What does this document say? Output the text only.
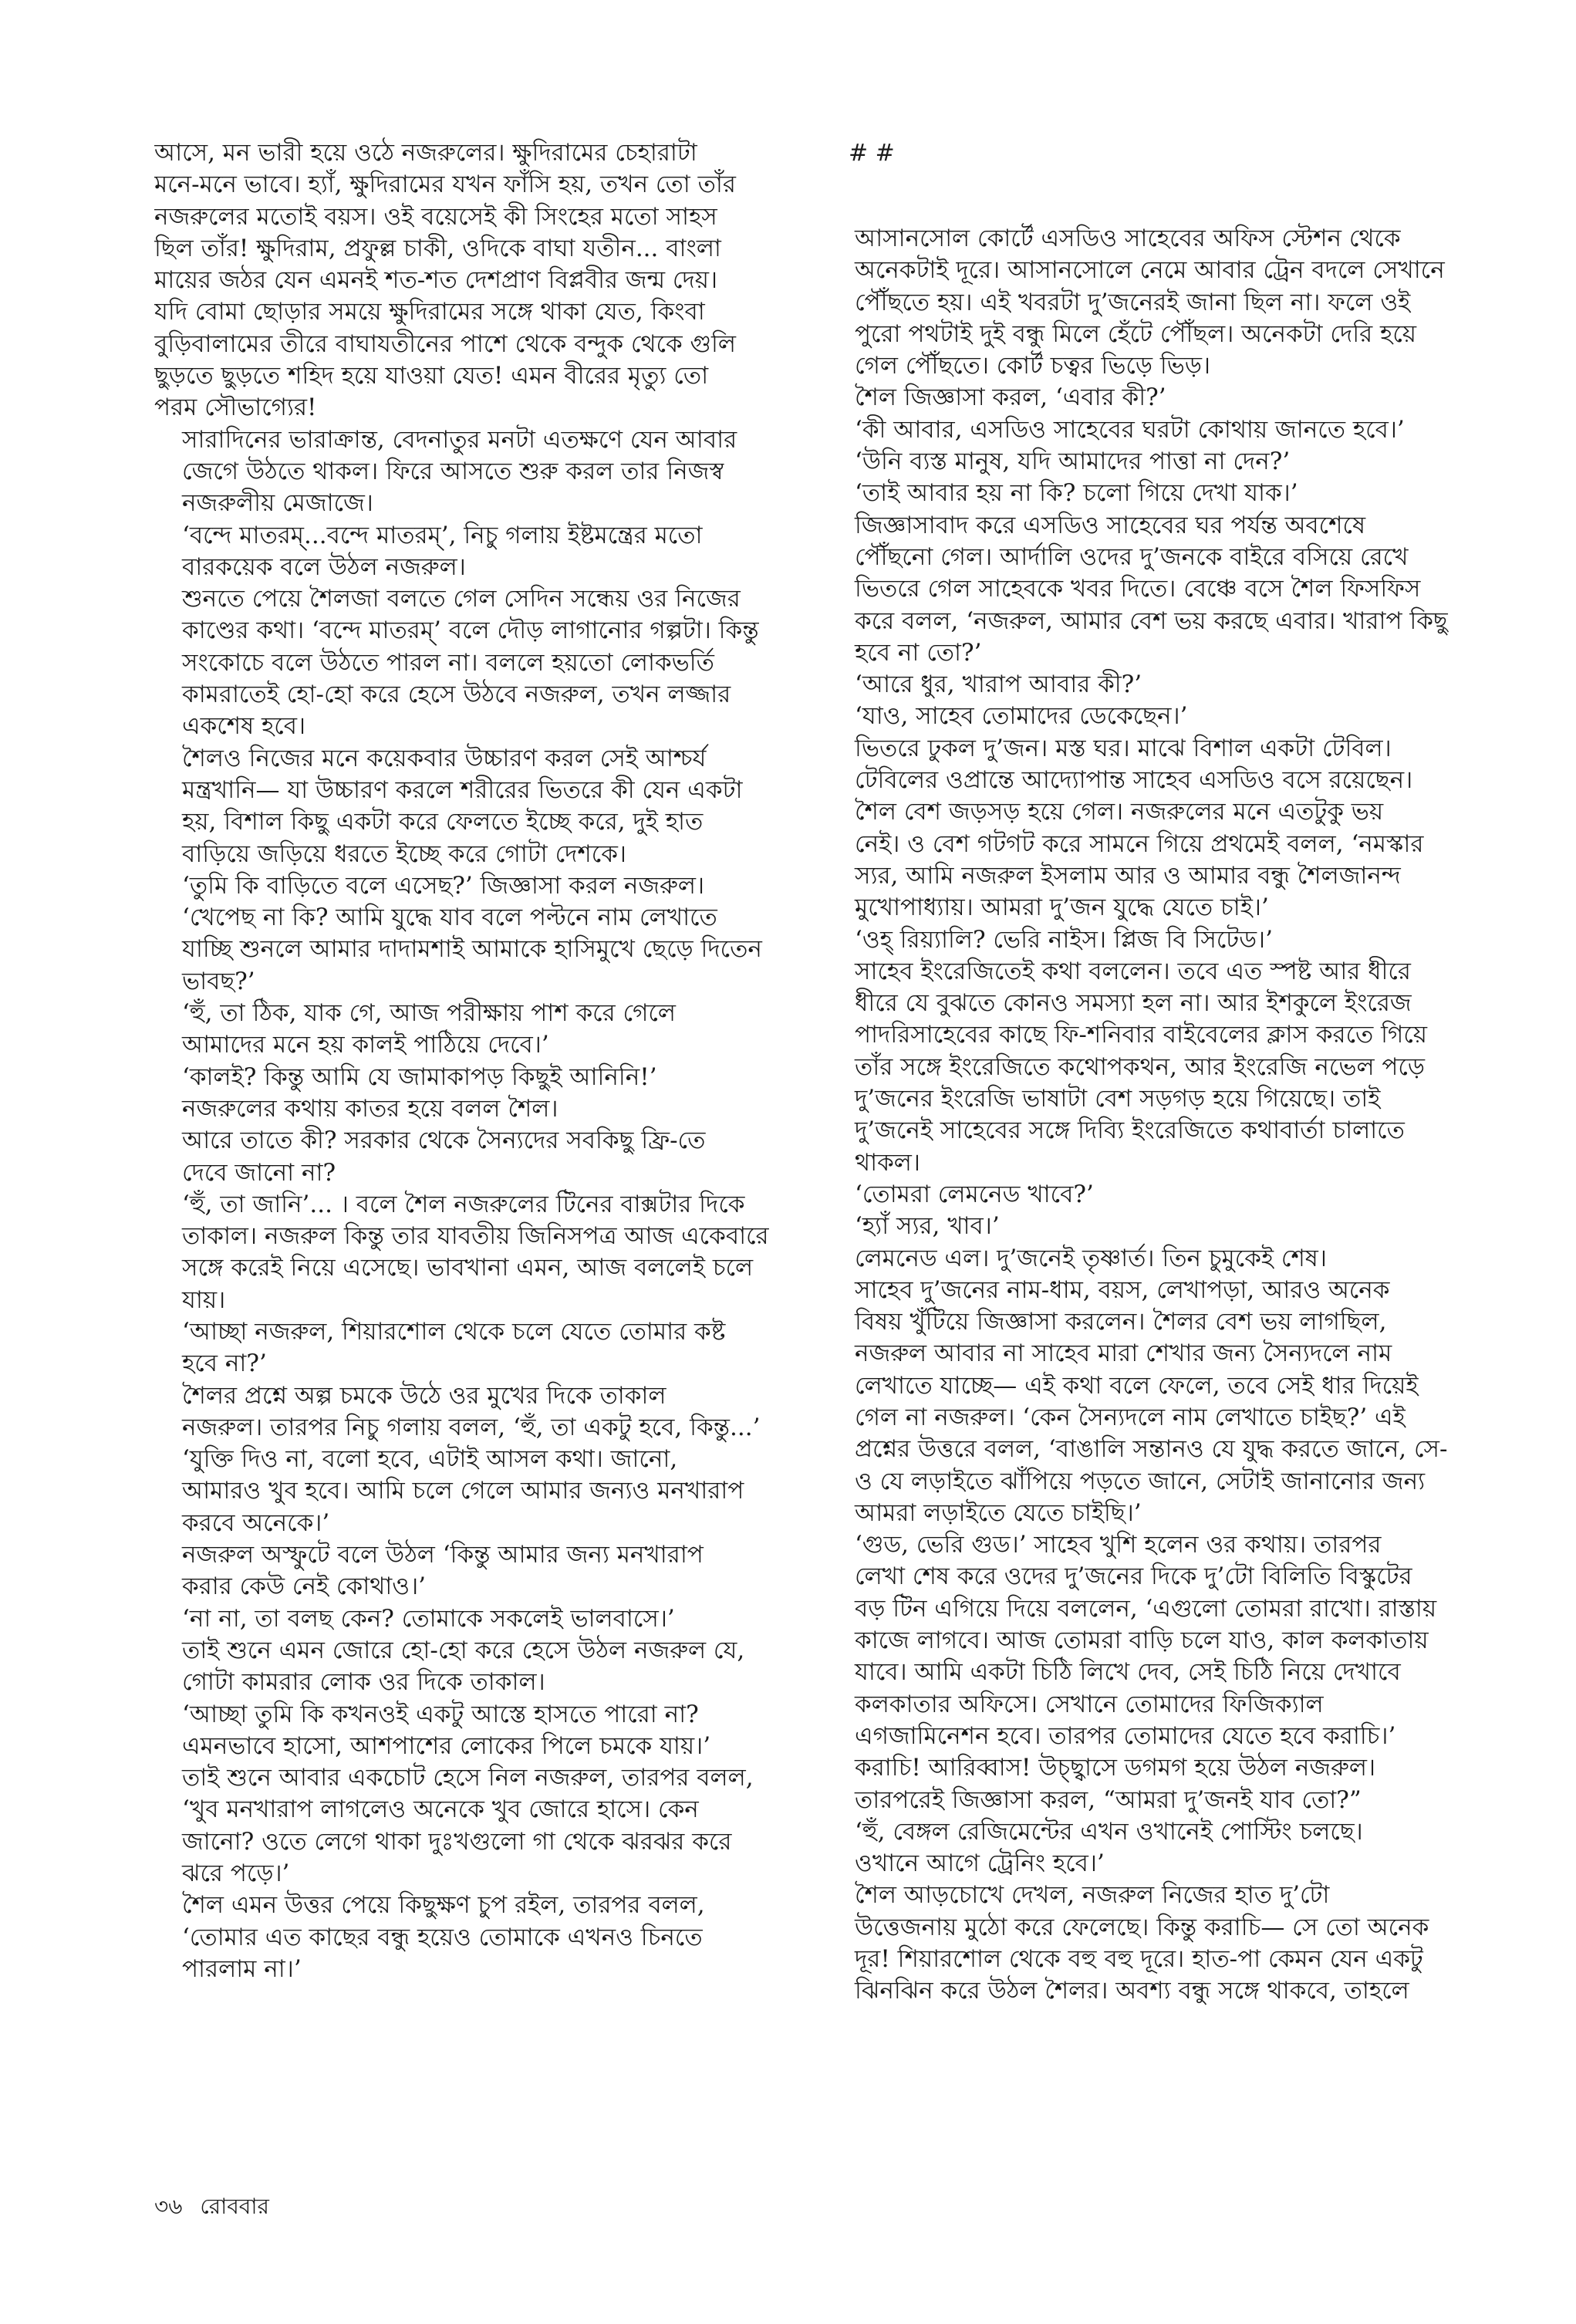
আসে, মন ভারী হয়ে ওঠে নজরুলের। ক্ষুদিরামের চেহারাটা
মনে-মনে ভাবে। হ্যাঁ, ক্ষুদিরামের যখন ফাঁসি হয়, তখন তো তাঁর
নজরুলের মতোই বয়স। ওই বয়েসেই কী সিংহের মতো সাহস
ছিল তাঁর! ক্ষুদিরাম, প্রফুল্ল চাকী, ওদিকে বাঘা যতীন... বাংলা
মায়ের জঠর যেন এমনই শত-শত দেশপ্রাণ বিপ্লবীর জন্ম দেয়।
যদি বোমা ছোড়ার সময়ে ক্ষুদিরামের সঙ্গে থাকা যেত, কিংবা
বুড়িবালামের তীরে বাঘাযতীনের পাশে থেকে বন্দুক থেকে গুলি
ছুড়তে ছুড়তে শহিদ হয়ে যাওয়া যেত! এমন বীরের মৃত্যু তো
পরম সৌভাগ্যের!
সারাদিনের ভারাক্রান্ত, বেদনাতুর মনটা এতক্ষণে যেন আবার
জেগে উঠতে থাকল। ফিরে আসতে শুরু করল তার নিজস্ব
নজরুলীয় মেজাজে।
‘বন্দে মাতরম্...বন্দে মাতরম্’, নিচু গলায় ইষ্টমন্ত্রের মতো
বারকয়েক বলে উঠল নজরুল।
শুনতে পেয়ে শৈলজা বলতে গেল সেদিন সন্ধেয় ওর নিজের
কাণ্ডের কথা। ‘বন্দে মাতরম্’ বলে দৌড় লাগানোর গল্পটা। কিন্তু
সংকোচে বলে উঠতে পারল না। বললে হয়তো লোকভর্তি
কামরাতেই হো-হো করে হেসে উঠবে নজরুল, তখন লজ্জার
একশেষ হবে।
শৈলও নিজের মনে কয়েকবার উচ্চারণ করল সেই আশ্চর্য
মন্ত্রখানি— যা উচ্চারণ করলে শরীরের ভিতরে কী যেন একটা
হয়, বিশাল কিছু একটা করে ফেলতে ইচ্ছে করে, দুই হাত
বাড়িয়ে জড়িয়ে ধরতে ইচ্ছে করে গোটা দেশকে।
‘তুমি কি বাড়িতে বলে এসেছ?’ জিজ্ঞাসা করল নজরুল।
‘খেপেছ না কি? আমি যুদ্ধে যাব বলে পল্টনে নাম লেখাতে
যাচ্ছি শুনলে আমার দাদামশাই আমাকে হাসিমুখে ছেড়ে দিতেন
ভাবছ?’
‘হুঁ, তা ঠিক, যাক গে, আজ পরীক্ষায় পাশ করে গেলে
আমাদের মনে হয় কালই পাঠিয়ে দেবে।’
‘কালই? কিন্তু আমি যে জামাকাপড় কিছুই আনিনি!’
নজরুলের কথায় কাতর হয়ে বলল শৈল।
আরে তাতে কী? সরকার থেকে সৈন্যদের সবকিছু ফ্রি-তে
দেবে জানো না?
‘হুঁ, তা জানি’... । বলে শৈল নজরুলের টিনের বাক্সটার দিকে
তাকাল। নজরুল কিন্তু তার যাবতীয় জিনিসপত্র আজ একেবারে
সঙ্গে করেই নিয়ে এসেছে। ভাবখানা এমন, আজ বললেই চলে
যায়।
‘আচ্ছা নজরুল, শিয়ারশোল থেকে চলে যেতে তোমার কষ্ট
হবে না?’
শৈলর প্রশ্নে অল্প চমকে উঠে ওর মুখের দিকে তাকাল
নজরুল। তারপর নিচু গলায় বলল, ‘হুঁ, তা একটু হবে, কিন্তু...’
‘যুক্তি দিও না, বলো হবে, এটাই আসল কথা। জানো,
আমারও খুব হবে। আমি চলে গেলে আমার জন্যও মনখারাপ
করবে অনেকে।’
নজরুল অস্ফুটে বলে উঠল ‘কিন্তু আমার জন্য মনখারাপ
করার কেউ নেই কোথাও।’
‘না না, তা বলছ কেন? তোমাকে সকলেই ভালবাসে।’
তাই শুনে এমন জোরে হো-হো করে হেসে উঠল নজরুল যে,
গোটা কামরার লোক ওর দিকে তাকাল।
‘আচ্ছা তুমি কি কখনওই একটু আস্তে হাসতে পারো না?
এমনভাবে হাসো, আশপাশের লোকের পিলে চমকে যায়।’
তাই শুনে আবার একচোট হেসে নিল নজরুল, তারপর বলল,
‘খুব মনখারাপ লাগলেও অনেকে খুব জোরে হাসে। কেন
জানো? ওতে লেগে থাকা দুঃখগুলো গা থেকে ঝরঝর করে
ঝরে পড়ে।’
শৈল এমন উত্তর পেয়ে কিছুক্ষণ চুপ রইল, তারপর বলল,
‘তোমার এত কাছের বন্ধু হয়েও তোমাকে এখনও চিনতে
পারলাম না।’
# #
আসানসোল কোর্টে এসডিও সাহেবের অফিস স্টেশন থেকে
অনেকটাই দূরে। আসানসোলে নেমে আবার ট্রেন বদলে সেখানে
পৌঁছতে হয়। এই খবরটা দু’জনেরই জানা ছিল না। ফলে ওই
পুরো পথটাই দুই বন্ধু মিলে হেঁটে পৌঁছল। অনেকটা দেরি হয়ে
গেল পৌঁছতে। কোর্ট চত্বর ভিড়ে ভিড়।
শৈল জিজ্ঞাসা করল, ‘এবার কী?’
‘কী আবার, এসডিও সাহেবের ঘরটা কোথায় জানতে হবে।’
‘উনি ব্যস্ত মানুষ, যদি আমাদের পাত্তা না দেন?’
‘তাই আবার হয় না কি? চলো গিয়ে দেখা যাক।’
জিজ্ঞাসাবাদ করে এসডিও সাহেবের ঘর পর্যন্ত অবশেষে
পৌঁছনো গেল। আর্দালি ওদের দু’জনকে বাইরে বসিয়ে রেখে
ভিতরে গেল সাহেবকে খবর দিতে। বেঞ্চে বসে শৈল ফিসফিস
করে বলল, ‘নজরুল, আমার বেশ ভয় করছে এবার। খারাপ কিছু
হবে না তো?’
‘আরে ধুর, খারাপ আবার কী?’
‘যাও, সাহেব তোমাদের ডেকেছেন।’
ভিতরে ঢুকল দু’জন। মস্ত ঘর। মাঝে বিশাল একটা টেবিল।
টেবিলের ওপ্রান্তে আদ্যোপান্ত সাহেব এসডিও বসে রয়েছেন।
শৈল বেশ জড়সড় হয়ে গেল। নজরুলের মনে এতটুকু ভয়
নেই। ও বেশ গটগট করে সামনে গিয়ে প্রথমেই বলল, ‘নমস্কার
স্যর, আমি নজরুল ইসলাম আর ও আমার বন্ধু শৈলজানন্দ
মুখোপাধ্যায়। আমরা দু’জন যুদ্ধে যেতে চাই।’
‘ওহ্ রিয়্যালি? ভেরি নাইস। প্লিজ বি সিটেড।’
সাহেব ইংরেজিতেই কথা বললেন। তবে এত স্পষ্ট আর ধীরে
ধীরে যে বুঝতে কোনও সমস্যা হল না। আর ইশকুলে ইংরেজ
পাদরিসাহেবের কাছে ফি-শনিবার বাইবেলের ক্লাস করতে গিয়ে
তাঁর সঙ্গে ইংরেজিতে কথোপকথন, আর ইংরেজি নভেল পড়ে
দু’জনের ইংরেজি ভাষাটা বেশ সড়গড় হয়ে গিয়েছে। তাই
দু’জনেই সাহেবের সঙ্গে দিব্যি ইংরেজিতে কথাবার্তা চালাতে
থাকল।
‘তোমরা লেমনেড খাবে?’
‘হ্যাঁ স্যর, খাব।’
লেমনেড এল। দু’জনেই তৃষ্ণার্ত। তিন চুমুকেই শেষ।
সাহেব দু’জনের নাম-ধাম, বয়স, লেখাপড়া, আরও অনেক
বিষয় খুঁটিয়ে জিজ্ঞাসা করলেন। শৈলর বেশ ভয় লাগছিল,
নজরুল আবার না সাহেব মারা শেখার জন্য সৈন্যদলে নাম
লেখাতে যাচ্ছে— এই কথা বলে ফেলে, তবে সেই ধার দিয়েই
গেল না নজরুল। ‘কেন সৈন্যদলে নাম লেখাতে চাইছ?’ এই
প্রশ্নের উত্তরে বলল, ‘বাঙালি সন্তানও যে যুদ্ধ করতে জানে, সে-
ও যে লড়াইতে ঝাঁপিয়ে পড়তে জানে, সেটাই জানানোর জন্য
আমরা লড়াইতে যেতে চাইছি।’
‘গুড, ভেরি গুড।’ সাহেব খুশি হলেন ওর কথায়। তারপর
লেখা শেষ করে ওদের দু’জনের দিকে দু’টো বিলিতি বিস্কুটের
বড় টিন এগিয়ে দিয়ে বললেন, ‘এগুলো তোমরা রাখো। রাস্তায়
কাজে লাগবে। আজ তোমরা বাড়ি চলে যাও, কাল কলকাতায়
যাবে। আমি একটা চিঠি লিখে দেব, সেই চিঠি নিয়ে দেখাবে
কলকাতার অফিসে। সেখানে তোমাদের ফিজিক্যাল
এগজামিনেশন হবে। তারপর তোমাদের যেতে হবে করাচি।’
করাচি! আরিব্বাস! উচ্ছ্বাসে ডগমগ হয়ে উঠল নজরুল।
তারপরেই জিজ্ঞাসা করল, “আমরা দু’জনই যাব তো?”
‘হুঁ, বেঙ্গল রেজিমেন্টের এখন ওখানেই পোস্টিং চলছে।
ওখানে আগে ট্রেনিং হবে।’
শৈল আড়চোখে দেখল, নজরুল নিজের হাত দু’টো
উত্তেজনায় মুঠো করে ফেলেছে। কিন্তু করাচি— সে তো অনেক
দূর! শিয়ারশোল থেকে বহু বহু দূরে। হাত-পা কেমন যেন একটু
ঝিনঝিন করে উঠল শৈলর। অবশ্য বন্ধু সঙ্গে থাকবে, তাহলে
৩৬ রোববার
